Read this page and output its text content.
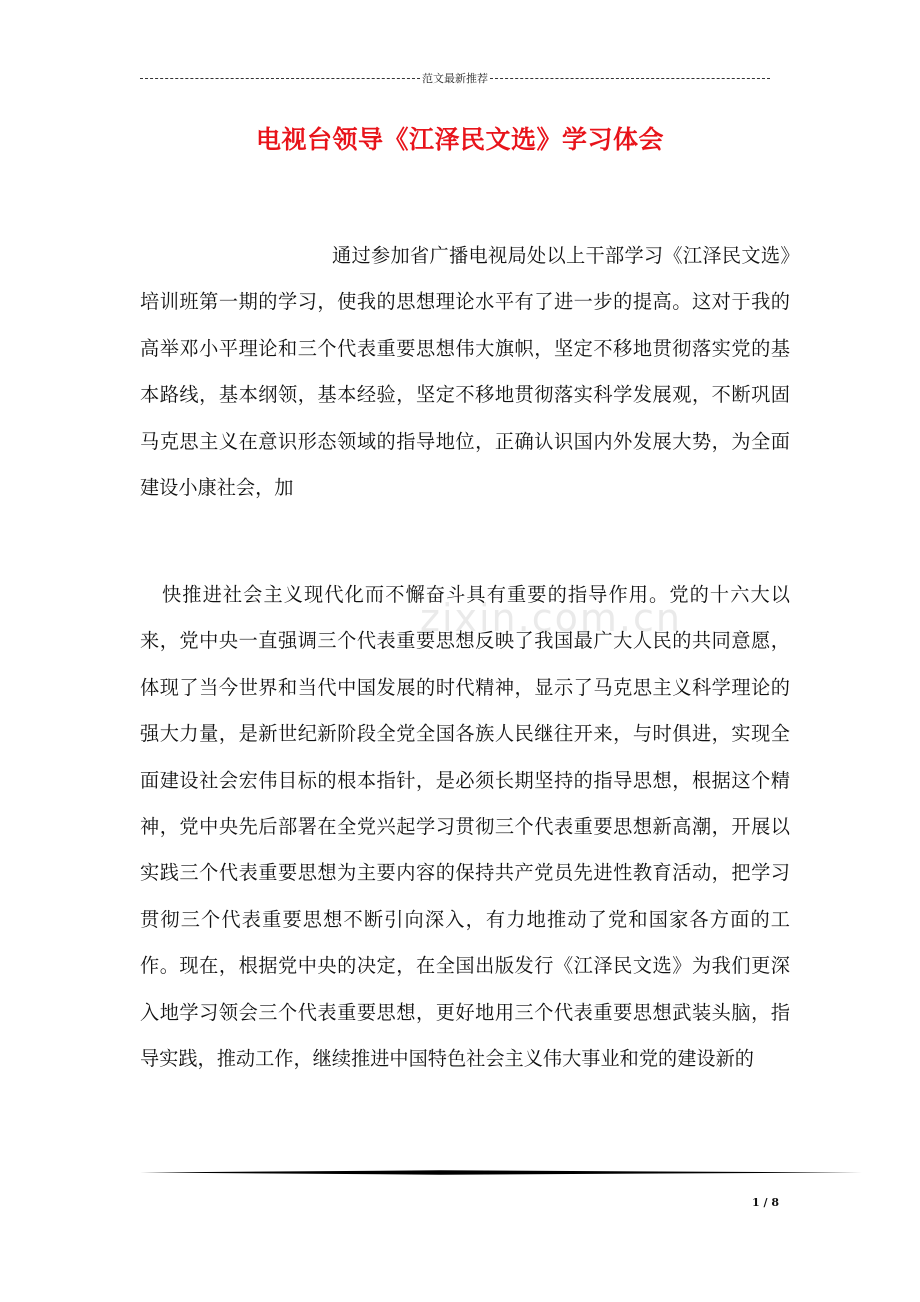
范文最新推荐
电视台领导《江泽民文选》学习体会
通过参加省广播电视局处以上干部学习《江泽民文选》培训班第一期的学习，使我的思想理论水平有了进一步的提高。这对于我的高举邓小平理论和三个代表重要思想伟大旗帜，坚定不移地贯彻落实党的基本路线，基本纲领，基本经验，坚定不移地贯彻落实科学发展观，不断巩固马克思主义在意识形态领域的指导地位，正确认识国内外发展大势，为全面建设小康社会，加
zixin.com.cn
快推进社会主义现代化而不懈奋斗具有重要的指导作用。党的十六大以来，党中央一直强调三个代表重要思想反映了我国最广大人民的共同意愿，体现了当今世界和当代中国发展的时代精神，显示了马克思主义科学理论的强大力量，是新世纪新阶段全党全国各族人民继往开来，与时俱进，实现全面建设社会宏伟目标的根本指针，是必须长期坚持的指导思想，根据这个精神，党中央先后部署在全党兴起学习贯彻三个代表重要思想新高潮，开展以实践三个代表重要思想为主要内容的保持共产党员先进性教育活动，把学习贯彻三个代表重要思想不断引向深入，有力地推动了党和国家各方面的工作。现在，根据党中央的决定，在全国出版发行《江泽民文选》为我们更深入地学习领会三个代表重要思想，更好地用三个代表重要思想武装头脑，指导实践，推动工作，继续推进中国特色社会主义伟大事业和党的建设新的
1 / 8
